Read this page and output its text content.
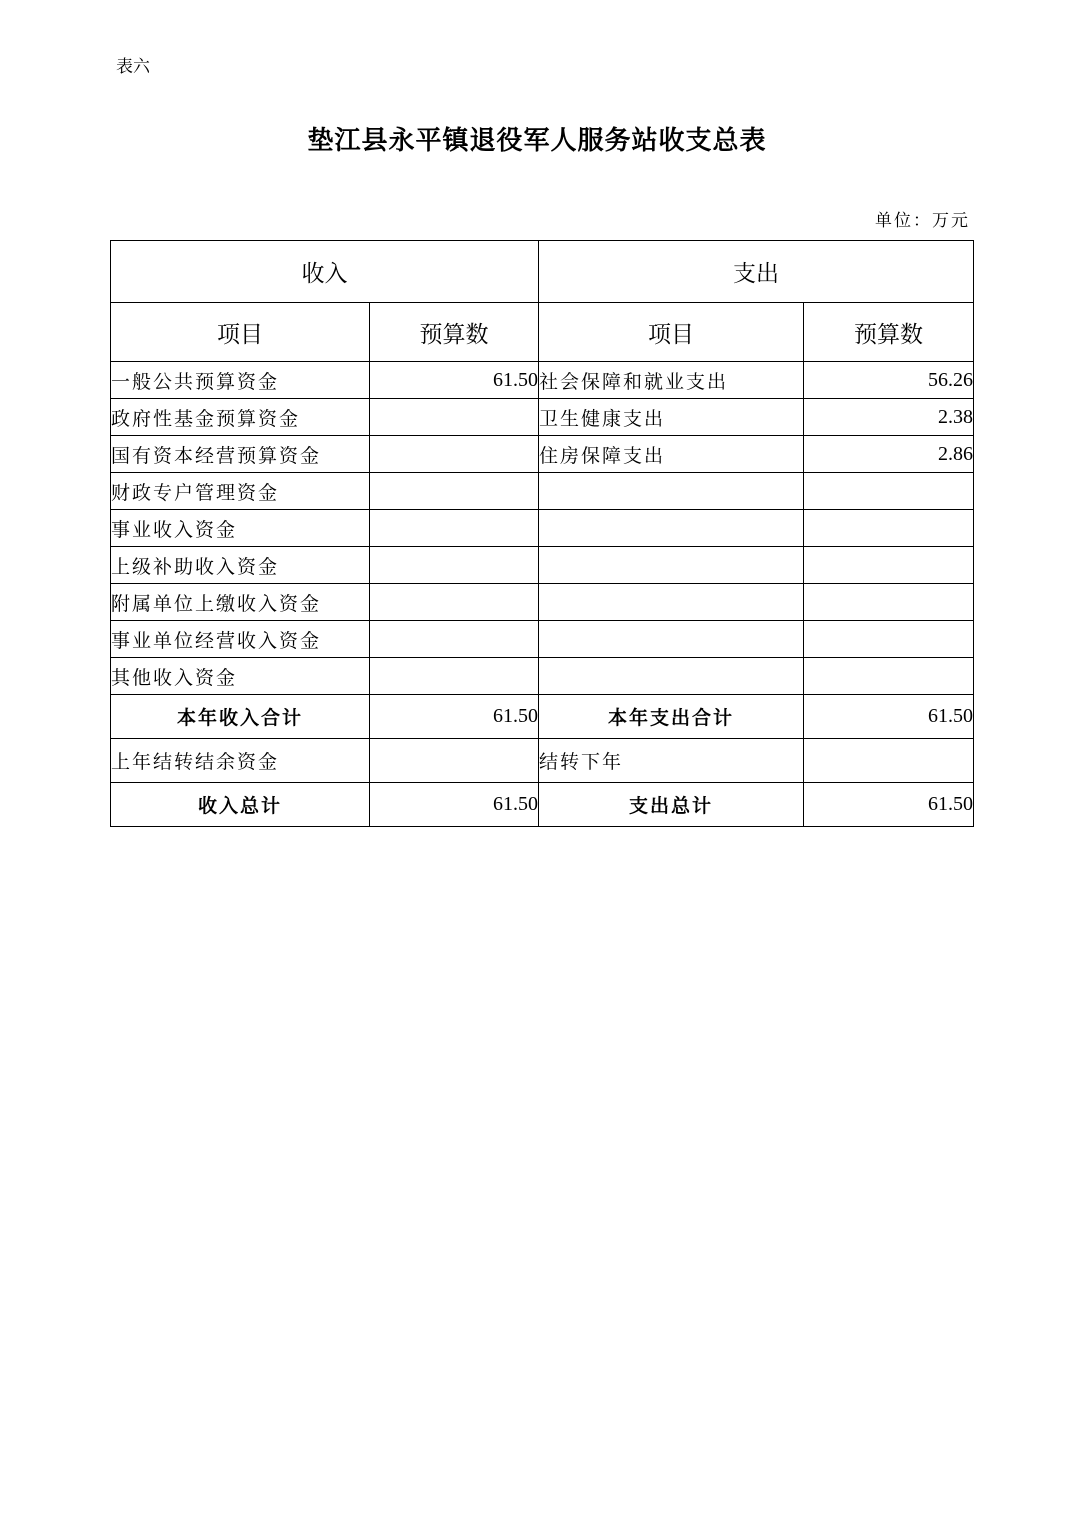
表六
垫江县永平镇退役军人服务站收支总表
单位：万元
收入		支出	
项目	预算数	项目	预算数
一般公共预算资金	61.50	社会保障和就业支出	56.26
政府性基金预算资金		卫生健康支出	2.38
国有资本经营预算资金		住房保障支出	2.86
财政专户管理资金			
事业收入资金			
上级补助收入资金			
附属单位上缴收入资金			
事业单位经营收入资金			
其他收入资金			
本年收入合计	61.50	本年支出合计	61.50
上年结转结余资金		结转下年	
收入总计	61.50	支出总计	61.50
